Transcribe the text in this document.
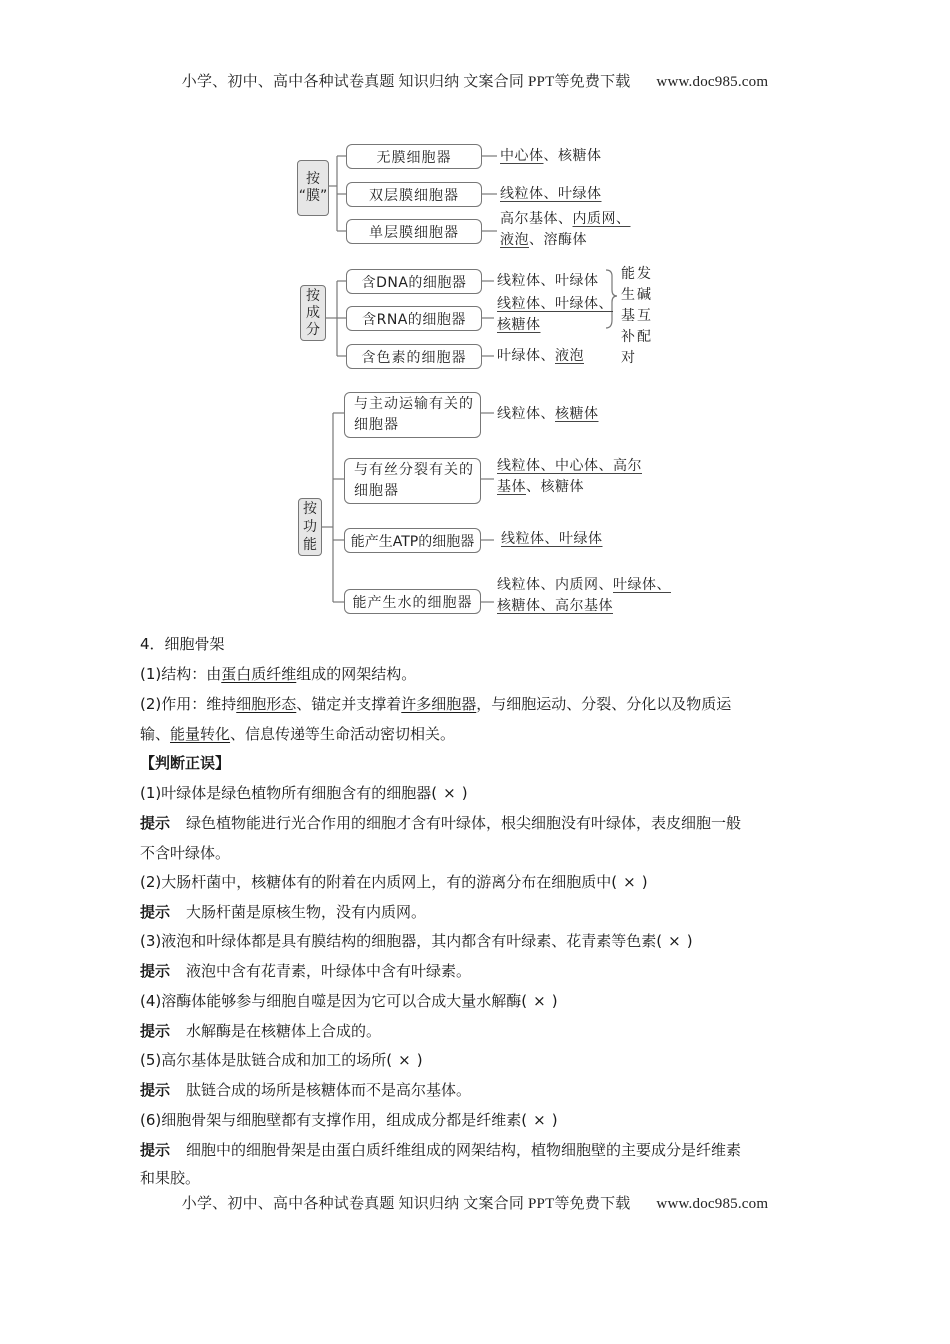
小学、初中、高中各种试卷真题 知识归纳 文案合同 PPT等免费下载 www.doc985.com
按
“膜”
无膜细胞器	中心体、核糖体
双层膜细胞器	线粒体、叶绿体
单层膜细胞器
高尔基体、内质网、
液泡、溶酶体
按
成
分
含DNA的细胞器	线粒体、叶绿体
含RNA的细胞器
线粒体、叶绿体、
核糖体
含色素的细胞器	叶绿体、液泡
能发
生碱
基互
补配
对
按
功
能
与主动运输有关的
细胞器
线粒体、核糖体
与有丝分裂有关的
细胞器
线粒体、中心体、高尔
基体、核糖体
能产生ATP的细胞器	线粒体、叶绿体
能产生水的细胞器
线粒体、内质网、叶绿体、
核糖体、高尔基体
4．细胞骨架
(1)结构：由蛋白质纤维组成的网架结构。
(2)作用：维持细胞形态、锚定并支撑着许多细胞器，与细胞运动、分裂、分化以及物质运
输、能量转化、信息传递等生命活动密切相关。
【判断正误】
(1)叶绿体是绿色植物所有细胞含有的细胞器( × )
提示 绿色植物能进行光合作用的细胞才含有叶绿体，根尖细胞没有叶绿体，表皮细胞一般
不含叶绿体。
(2)大肠杆菌中，核糖体有的附着在内质网上，有的游离分布在细胞质中( × )
提示 大肠杆菌是原核生物，没有内质网。
(3)液泡和叶绿体都是具有膜结构的细胞器，其内都含有叶绿素、花青素等色素( × )
提示 液泡中含有花青素，叶绿体中含有叶绿素。
(4)溶酶体能够参与细胞自噬是因为它可以合成大量水解酶( × )
提示 水解酶是在核糖体上合成的。
(5)高尔基体是肽链合成和加工的场所( × )
提示 肽链合成的场所是核糖体而不是高尔基体。
(6)细胞骨架与细胞壁都有支撑作用，组成成分都是纤维素( × )
提示 细胞中的细胞骨架是由蛋白质纤维组成的网架结构，植物细胞壁的主要成分是纤维素
和果胶。
小学、初中、高中各种试卷真题 知识归纳 文案合同 PPT等免费下载 www.doc985.com
